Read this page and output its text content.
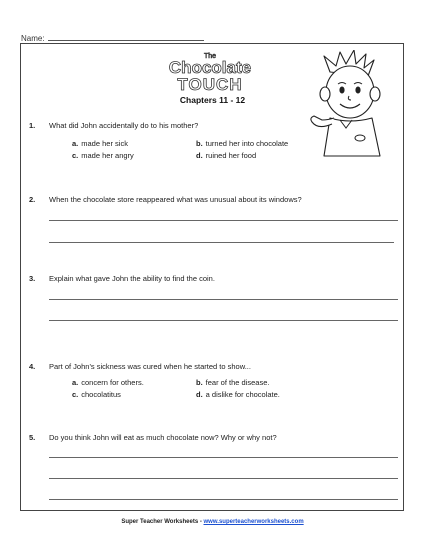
Name:
The
Chocolate
TOUCH
Chapters 11 - 12
1. What did John accidentally do to his mother?
a. made her sick	b. turned her into chocolate
c. made her angry	d. ruined her food
2. When the chocolate store reappeared what was unusual about its windows?
3. Explain what gave John the ability to find the coin.
4. Part of John's sickness was cured when he started to show...
a. concern for others.	b. fear of the disease.
c. chocolatitus	d. a dislike for chocolate.
5. Do you think John will eat as much chocolate now? Why or why not?
Super Teacher Worksheets - www.superteacherworksheets.com
